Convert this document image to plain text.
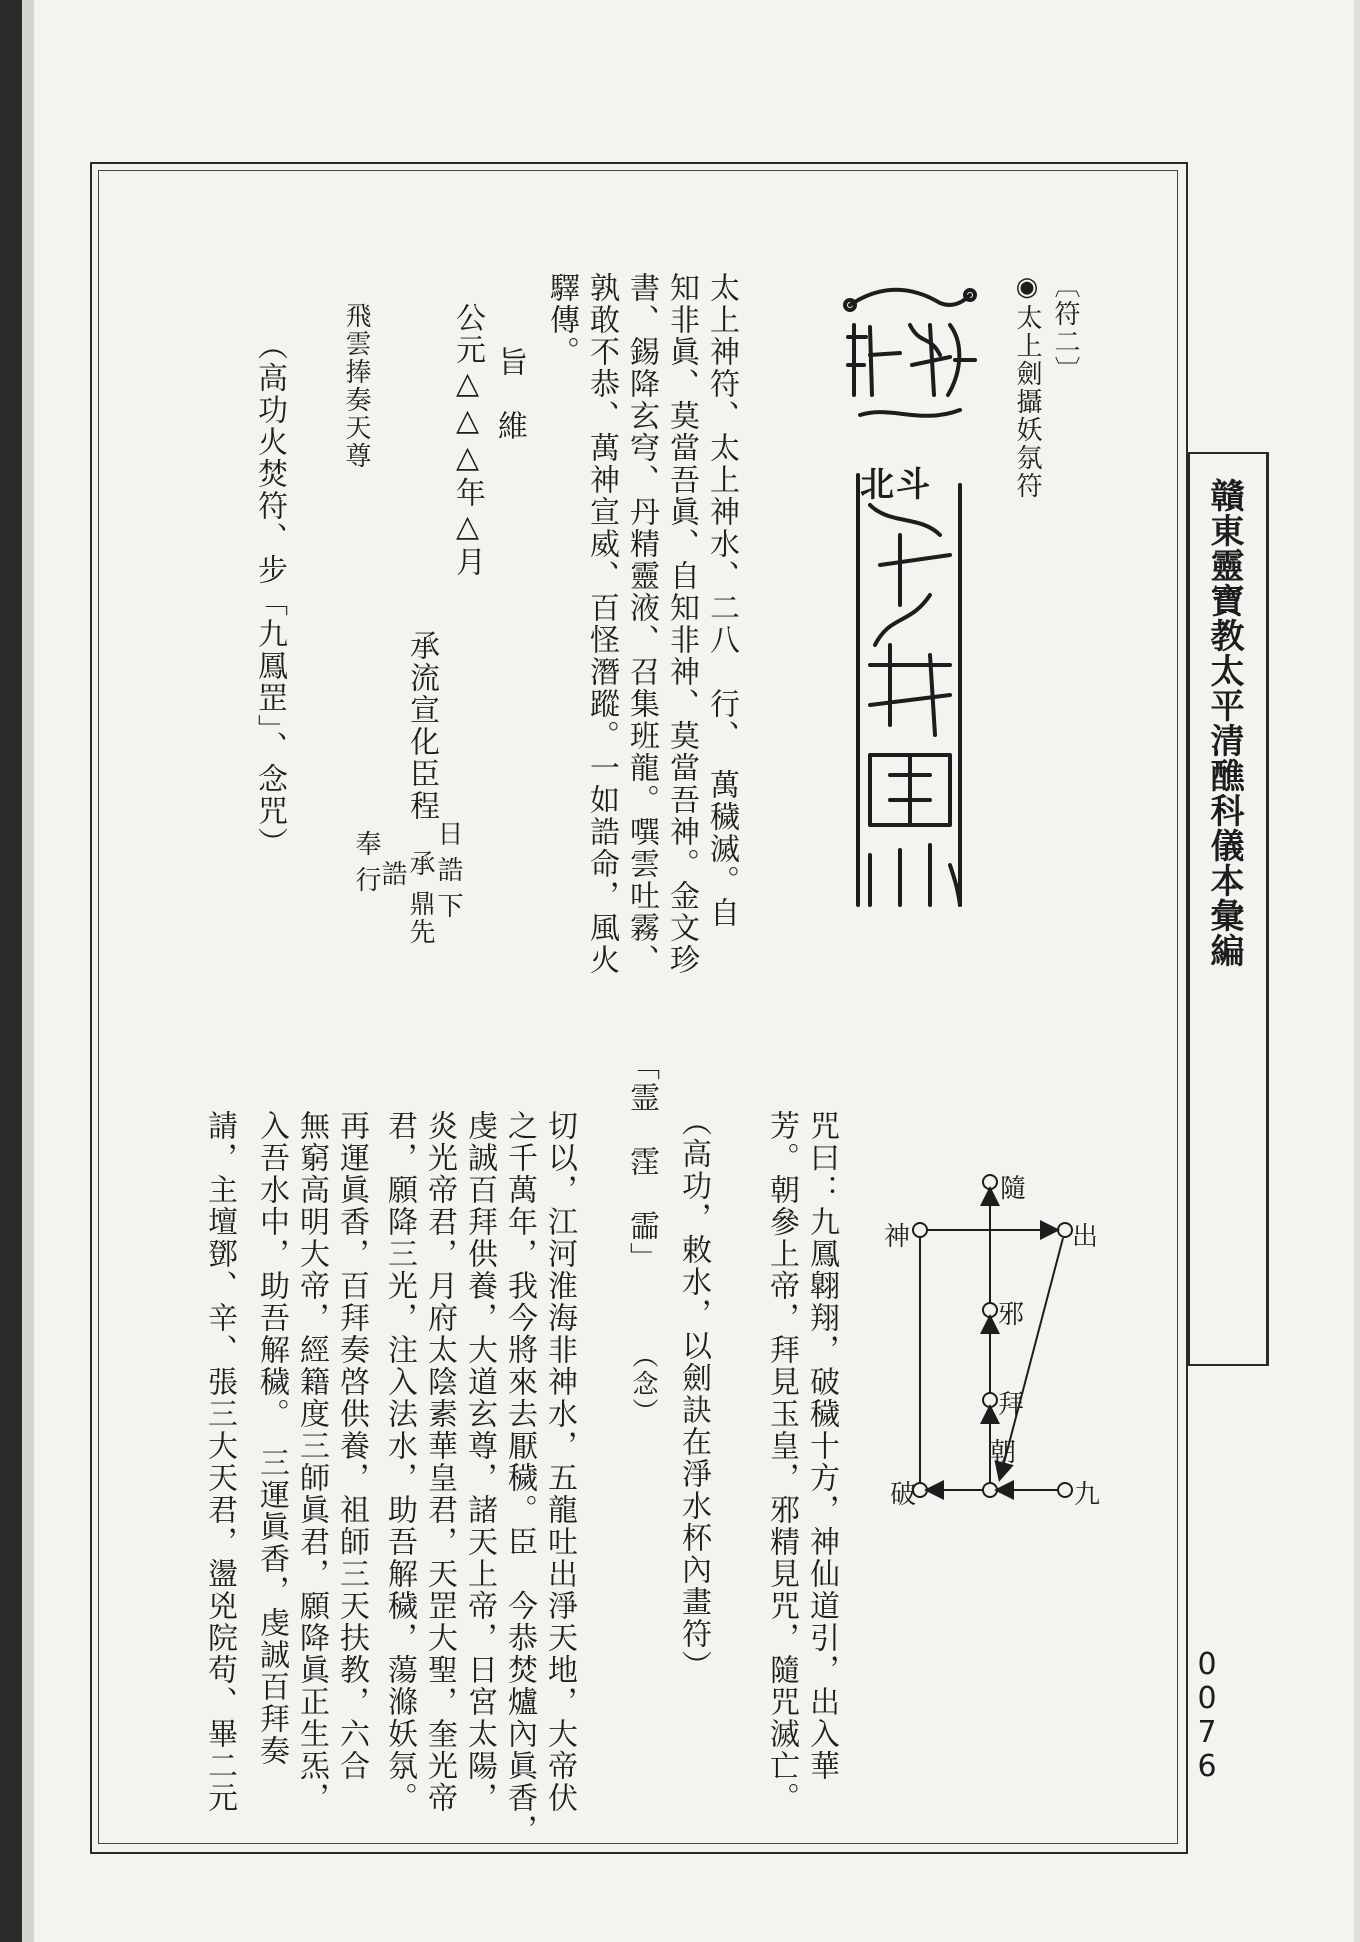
贛東靈寶教太平清醮科儀本彙編
0076
〔符二〕
◉太上劍攝妖氛符
北斗
太上神符、太上神水、二八　行、　萬穢滅。自
知非眞、莫當吾眞、自知非神、莫當吾神。金文珍
書、錫降玄穹、丹精靈液、召集班龍。噀雲吐霧、
孰敢不恭、萬神宣威、百怪潛蹤。一如誥命，風火
驛傳。
旨　維
公元△△△年△月
承流宣化臣程
鼎先
日
誥
下
承
誥
奉
行
飛雲捧奏天尊
（高功火焚符、步「九鳳罡」、念咒）
咒曰：九鳳翺翔，破穢十方，神仙道引，出入華
芳。朝參上帝，拜見玉皇，邪精見咒，隨咒滅亡。	隨
神	出
邪
拜
朝
破	九
（高功，敕水，以劍訣在淨水杯內畫符）
「霊　霔　霝」
（念）
切以，江河淮海非神水，五龍吐出淨天地，大帝伏
之千萬年，我今將來去厭穢。臣　今恭焚爐內眞香，
虔誠百拜供養，大道玄尊，諸天上帝，日宮太陽，
炎光帝君，月府太陰素華皇君，天罡大聖，奎光帝
君，願降三光，注入法水，助吾解穢，蕩滌妖氛。
再運眞香，百拜奏啓供養，祖師三天扶教，六合
無窮高明大帝，經籍度三師眞君，願降眞正生炁，
入吾水中，助吾解穢。　三運眞香，虔誠百拜奏
請，主壇鄧、辛、張三大天君，盪兇院苟、畢二元
